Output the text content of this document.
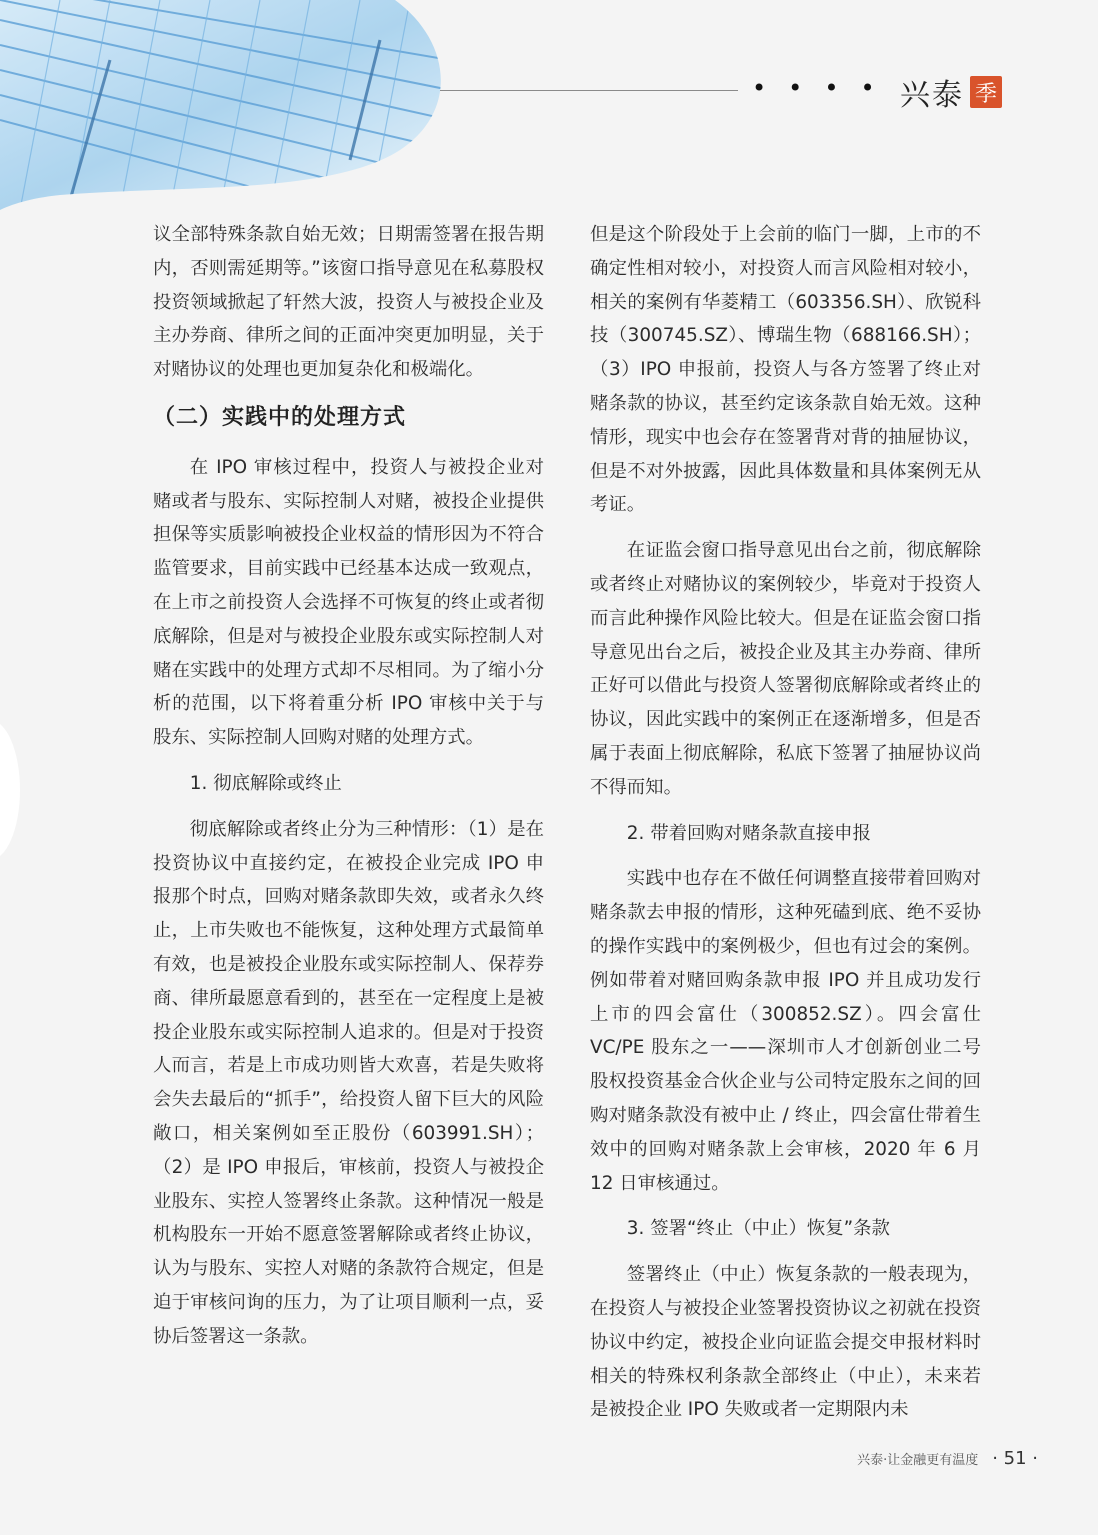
• • • • 兴泰 季

议全部特殊条款自始无效；日期需签署在报告期内，否则需延期等。”该窗口指导意见在私募股权投资领域掀起了轩然大波，投资人与被投企业及主办券商、律所之间的正面冲突更加明显，关于对赌协议的处理也更加复杂化和极端化。

（二）实践中的处理方式

在 IPO 审核过程中，投资人与被投企业对赌或者与股东、实际控制人对赌，被投企业提供担保等实质影响被投企业权益的情形因为不符合监管要求，目前实践中已经基本达成一致观点，在上市之前投资人会选择不可恢复的终止或者彻底解除，但是对与被投企业股东或实际控制人对赌在实践中的处理方式却不尽相同。为了缩小分析的范围，以下将着重分析 IPO 审核中关于与股东、实际控制人回购对赌的处理方式。

1. 彻底解除或终止

彻底解除或者终止分为三种情形：（1）是在投资协议中直接约定，在被投企业完成 IPO 申报那个时点，回购对赌条款即失效，或者永久终止，上市失败也不能恢复，这种处理方式最简单有效，也是被投企业股东或实际控制人、保荐券商、律所最愿意看到的，甚至在一定程度上是被投企业股东或实际控制人追求的。但是对于投资人而言，若是上市成功则皆大欢喜，若是失败将会失去最后的“抓手”，给投资人留下巨大的风险敞口，相关案例如至正股份（603991.SH）；（2）是 IPO 申报后，审核前，投资人与被投企业股东、实控人签署终止条款。这种情况一般是机构股东一开始不愿意签署解除或者终止协议，认为与股东、实控人对赌的条款符合规定，但是迫于审核问询的压力，为了让项目顺利一点，妥协后签署这一条款。

但是这个阶段处于上会前的临门一脚，上市的不确定性相对较小，对投资人而言风险相对较小，相关的案例有华菱精工（603356.SH）、欣锐科技（300745.SZ）、博瑞生物（688166.SH）；（3）IPO 申报前，投资人与各方签署了终止对赌条款的协议，甚至约定该条款自始无效。这种情形，现实中也会存在签署背对背的抽屉协议，但是不对外披露，因此具体数量和具体案例无从考证。

在证监会窗口指导意见出台之前，彻底解除或者终止对赌协议的案例较少，毕竟对于投资人而言此种操作风险比较大。但是在证监会窗口指导意见出台之后，被投企业及其主办券商、律所正好可以借此与投资人签署彻底解除或者终止的协议，因此实践中的案例正在逐渐增多，但是否属于表面上彻底解除，私底下签署了抽屉协议尚不得而知。

2. 带着回购对赌条款直接申报

实践中也存在不做任何调整直接带着回购对赌条款去申报的情形，这种死磕到底、绝不妥协的操作实践中的案例极少，但也有过会的案例。例如带着对赌回购条款申报 IPO 并且成功发行上市的四会富仕（300852.SZ）。四会富仕 VC/PE 股东之一——深圳市人才创新创业二号股权投资基金合伙企业与公司特定股东之间的回购对赌条款没有被中止 / 终止，四会富仕带着生效中的回购对赌条款上会审核，2020 年 6 月 12 日审核通过。

3. 签署“终止（中止）恢复”条款

签署终止（中止）恢复条款的一般表现为，在投资人与被投企业签署投资协议之初就在投资协议中约定，被投企业向证监会提交申报材料时相关的特殊权利条款全部终止（中止），未来若是被投企业 IPO 失败或者一定期限内未

兴泰·让金融更有温度 · 51 ·
